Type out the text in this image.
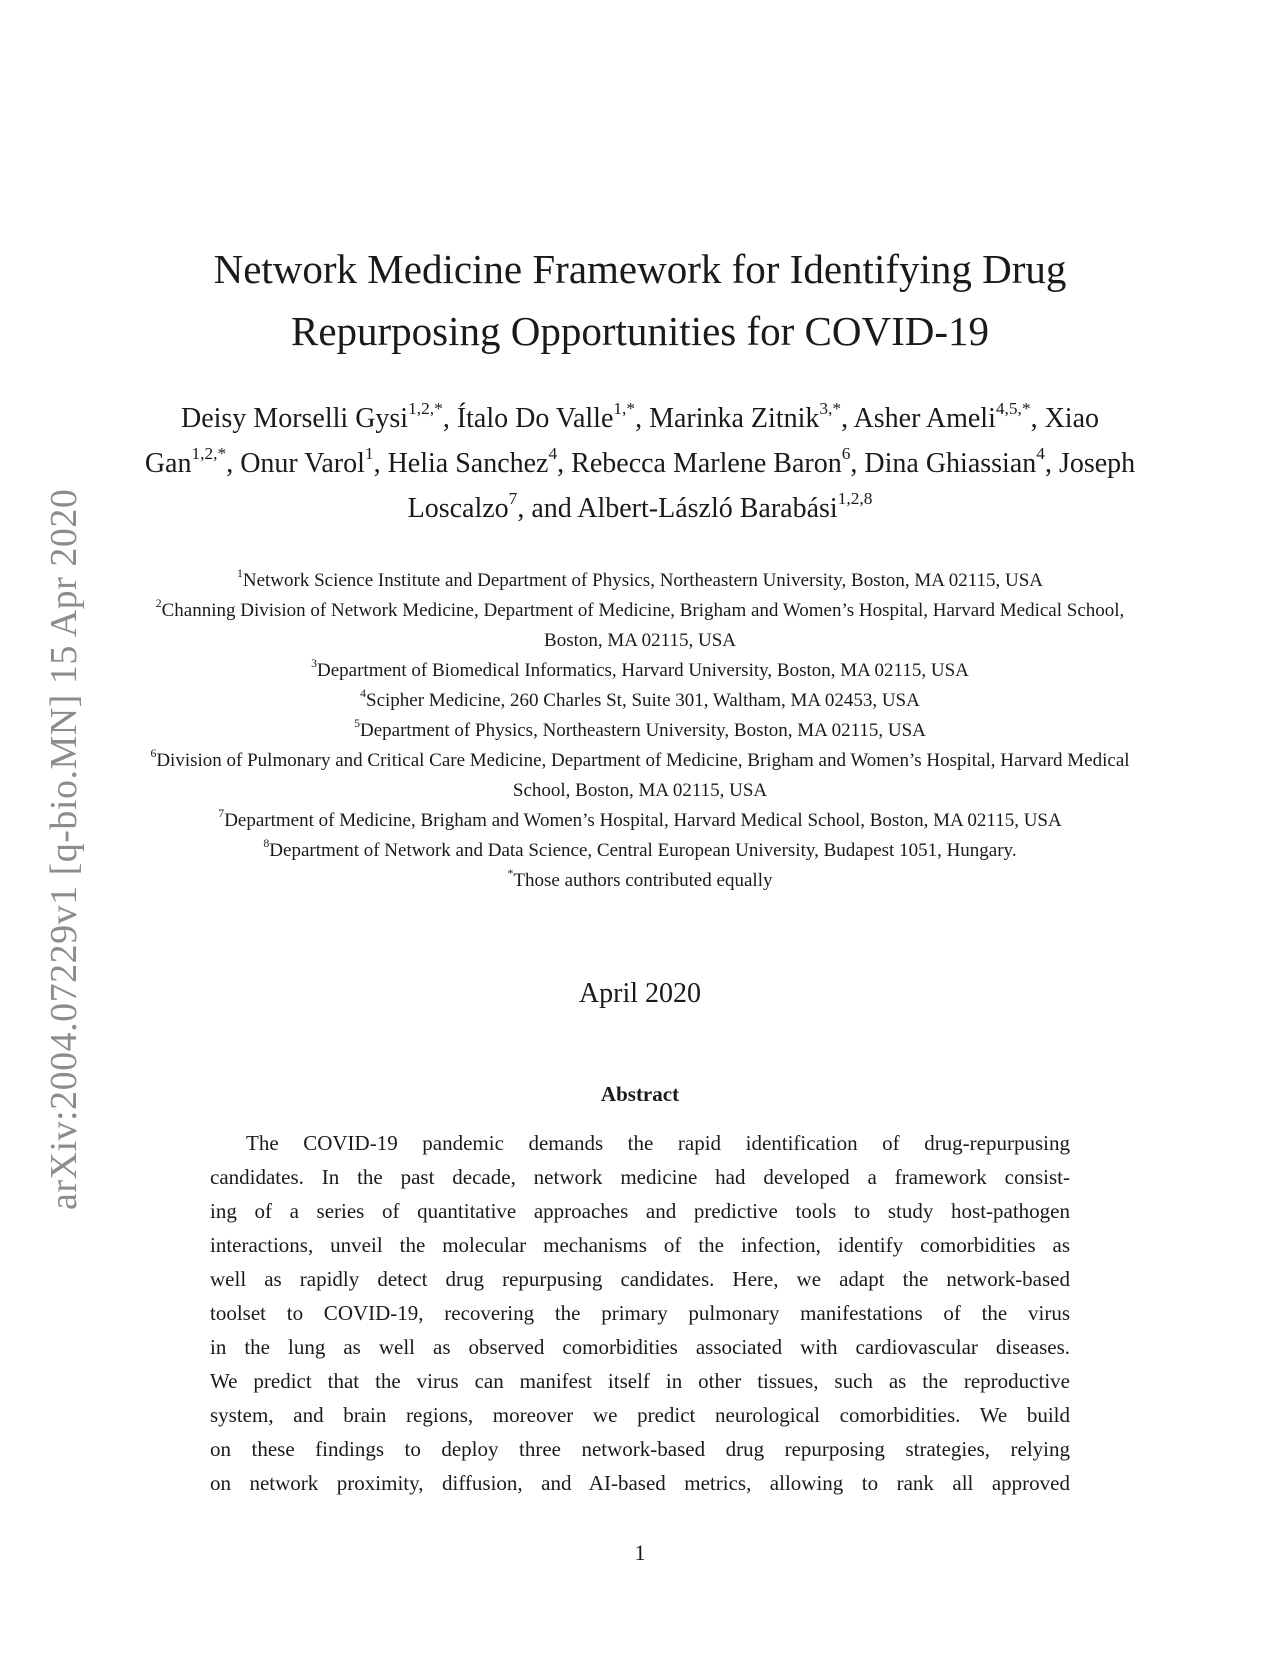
arXiv:2004.07229v1 [q-bio.MN] 15 Apr 2020
Network Medicine Framework for Identifying Drug
Repurposing Opportunities for COVID-19
Deisy Morselli Gysi$^{1,2,*}$, Ítalo Do Valle$^{1,*}$, Marinka Zitnik$^{3,*}$, Asher Ameli$^{4,5,*}$, Xiao Gan$^{1,2,*}$, Onur Varol$^1$, Helia Sanchez$^4$, Rebecca Marlene Baron$^6$, Dina Ghiassian$^4$, Joseph Loscalzo$^7$, and Albert-László Barabási$^{1,2,8}$
$^1$Network Science Institute and Department of Physics, Northeastern University, Boston, MA 02115, USA
$^2$Channing Division of Network Medicine, Department of Medicine, Brigham and Women’s Hospital, Harvard Medical School, Boston, MA 02115, USA
$^3$Department of Biomedical Informatics, Harvard University, Boston, MA 02115, USA
$^4$Scipher Medicine, 260 Charles St, Suite 301, Waltham, MA 02453, USA
$^5$Department of Physics, Northeastern University, Boston, MA 02115, USA
$^6$Division of Pulmonary and Critical Care Medicine, Department of Medicine, Brigham and Women’s Hospital, Harvard Medical School, Boston, MA 02115, USA
$^7$Department of Medicine, Brigham and Women’s Hospital, Harvard Medical School, Boston, MA 02115, USA
$^8$Department of Network and Data Science, Central European University, Budapest 1051, Hungary.
*Those authors contributed equally
April 2020
Abstract
The COVID-19 pandemic demands the rapid identification of drug-repurpusing
candidates. In the past decade, network medicine had developed a framework consist-
ing of a series of quantitative approaches and predictive tools to study host-pathogen
interactions, unveil the molecular mechanisms of the infection, identify comorbidities as
well as rapidly detect drug repurpusing candidates. Here, we adapt the network-based
toolset to COVID-19, recovering the primary pulmonary manifestations of the virus
in the lung as well as observed comorbidities associated with cardiovascular diseases.
We predict that the virus can manifest itself in other tissues, such as the reproductive
system, and brain regions, moreover we predict neurological comorbidities. We build
on these findings to deploy three network-based drug repurposing strategies, relying
on network proximity, diffusion, and AI-based metrics, allowing to rank all approved
1
